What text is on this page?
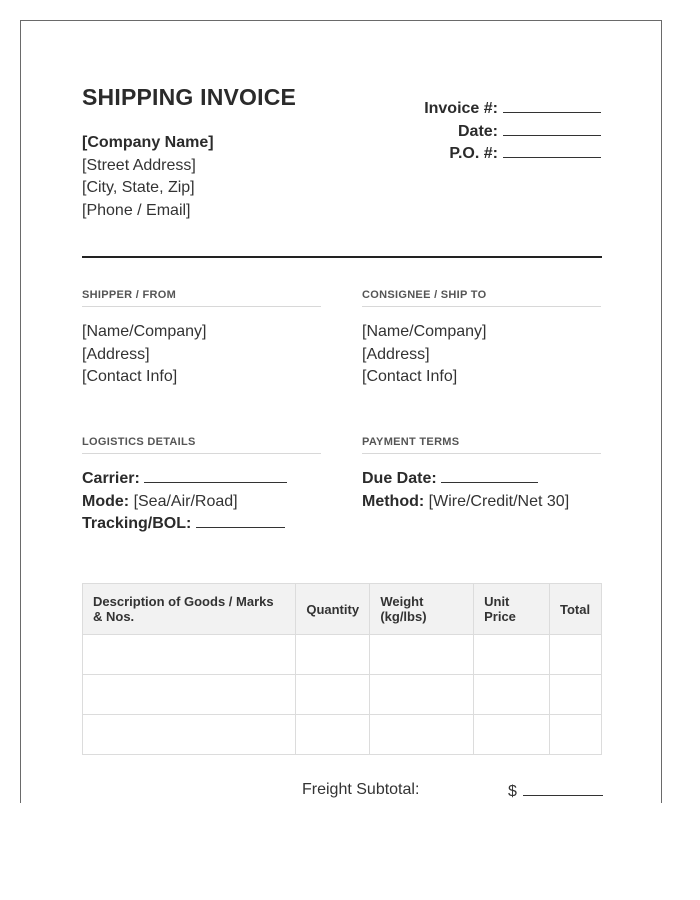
SHIPPING INVOICE
[Company Name]
[Street Address]
[City, State, Zip]
[Phone / Email]
Invoice #:
Date:
P.O. #:
SHIPPER / FROM
[Name/Company]
[Address]
[Contact Info]
CONSIGNEE / SHIP TO
[Name/Company]
[Address]
[Contact Info]
LOGISTICS DETAILS
Carrier:
Mode: [Sea/Air/Road]
Tracking/BOL:
PAYMENT TERMS
Due Date:
Method: [Wire/Credit/Net 30]
Description of Goods / Marks & Nos.	Quantity	Weight (kg/lbs)	Unit Price	Total

Freight Subtotal:	$
